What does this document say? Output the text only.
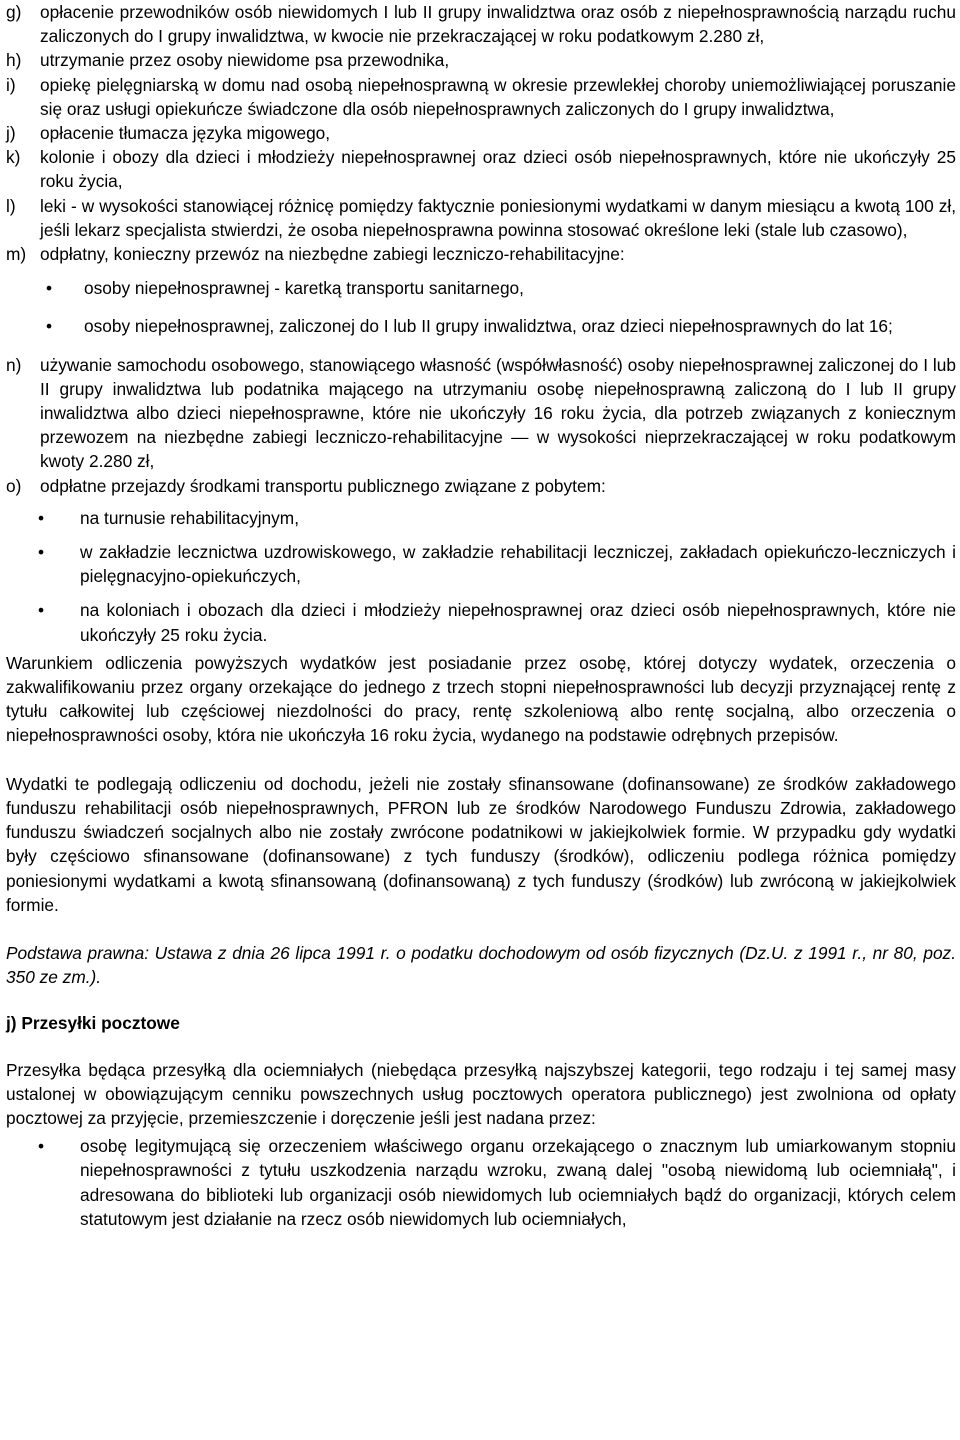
g)	opłacenie przewodników osób niewidomych I lub II grupy inwalidztwa oraz osób z niepełnosprawnością narządu ruchu zaliczonych do I grupy inwalidztwa, w kwocie nie przekraczającej w roku podatkowym 2.280 zł,

h)	utrzymanie przez osoby niewidome psa przewodnika,

i)	opiekę pielęgniarską w domu nad osobą niepełnosprawną w okresie przewlekłej choroby uniemożliwiającej poruszanie się oraz usługi opiekuńcze świadczone dla osób niepełnosprawnych zaliczonych do I grupy inwalidztwa,

j)	opłacenie tłumacza języka migowego,

k)	kolonie i obozy dla dzieci i młodzieży niepełnosprawnej oraz dzieci osób niepełnosprawnych, które nie ukończyły 25 roku życia,

l)	leki - w wysokości stanowiącej różnicę pomiędzy faktycznie poniesionymi wydatkami w danym miesiącu a kwotą 100 zł, jeśli lekarz specjalista stwierdzi, że osoba niepełnosprawna powinna stosować określone leki (stale lub czasowo),

m) odpłatny, konieczny przewóz na niezbędne zabiegi leczniczo-rehabilitacyjne:

•	osoby niepełnosprawnej - karetką transportu sanitarnego,
•	osoby niepełnosprawnej, zaliczonej do I lub II grupy inwalidztwa, oraz dzieci niepełnosprawnych do lat 16;
n)	używanie samochodu osobowego, stanowiącego własność (współwłasność) osoby niepełnosprawnej zaliczonej do I lub II grupy inwalidztwa lub podatnika mającego na utrzymaniu osobę niepełnosprawną zaliczoną do I lub II grupy inwalidztwa albo dzieci niepełnosprawne, które nie ukończyły 16 roku życia, dla potrzeb związanych z koniecznym przewozem na niezbędne zabiegi leczniczo-rehabilitacyjne — w wysokości nieprzekraczającej w roku podatkowym kwoty 2.280 zł,

o)	odpłatne przejazdy środkami transportu publicznego związane z pobytem:

•	na turnusie rehabilitacyjnym,
•	w zakładzie lecznictwa uzdrowiskowego, w zakładzie rehabilitacji leczniczej, zakładach opiekuńczo-leczniczych i pielęgnacyjno-opiekuńczych,
•	na koloniach i obozach dla dzieci i młodzieży niepełnosprawnej oraz dzieci osób niepełnosprawnych, które nie ukończyły 25 roku życia.

Warunkiem odliczenia powyższych wydatków jest posiadanie przez osobę, której dotyczy wydatek, orzeczenia o zakwalifikowaniu przez organy orzekające do jednego z trzech stopni niepełnosprawności lub decyzji przyznającej rentę z tytułu całkowitej lub częściowej niezdolności do pracy, rentę szkoleniową albo rentę socjalną, albo orzeczenia o niepełnosprawności osoby, która nie ukończyła 16 roku życia, wydanego na podstawie odrębnych przepisów.

Wydatki te podlegają odliczeniu od dochodu, jeżeli nie zostały sfinansowane (dofinansowane) ze środków zakładowego funduszu rehabilitacji osób niepełnosprawnych, PFRON lub ze środków Narodowego Funduszu Zdrowia, zakładowego funduszu świadczeń socjalnych albo nie zostały zwrócone podatnikowi w jakiejkolwiek formie. W przypadku gdy wydatki były częściowo sfinansowane (dofinansowane) z tych funduszy (środków), odliczeniu podlega różnica pomiędzy poniesionymi wydatkami a kwotą sfinansowaną (dofinansowaną) z tych funduszy (środków) lub zwróconą w jakiejkolwiek formie.

Podstawa prawna: Ustawa z dnia 26 lipca 1991 r. o podatku dochodowym od osób fizycznych (Dz.U. z 1991 r., nr 80, poz. 350 ze zm.).

j) Przesyłki pocztowe

Przesyłka będąca przesyłką dla ociemniałych (niebędąca przesyłką najszybszej kategorii, tego rodzaju i tej samej masy ustalonej w obowiązującym cenniku powszechnych usług pocztowych operatora publicznego) jest zwolniona od opłaty pocztowej za przyjęcie, przemieszczenie i doręczenie jeśli jest nadana przez:

•	osobę legitymującą się orzeczeniem właściwego organu orzekającego o znacznym lub umiarkowanym stopniu niepełnosprawności z tytułu uszkodzenia narządu wzroku, zwaną dalej "osobą niewidomą lub ociemniałą", i adresowana do biblioteki lub organizacji osób niewidomych lub ociemniałych bądź do organizacji, których celem statutowym jest działanie na rzecz osób niewidomych lub ociemniałych,
